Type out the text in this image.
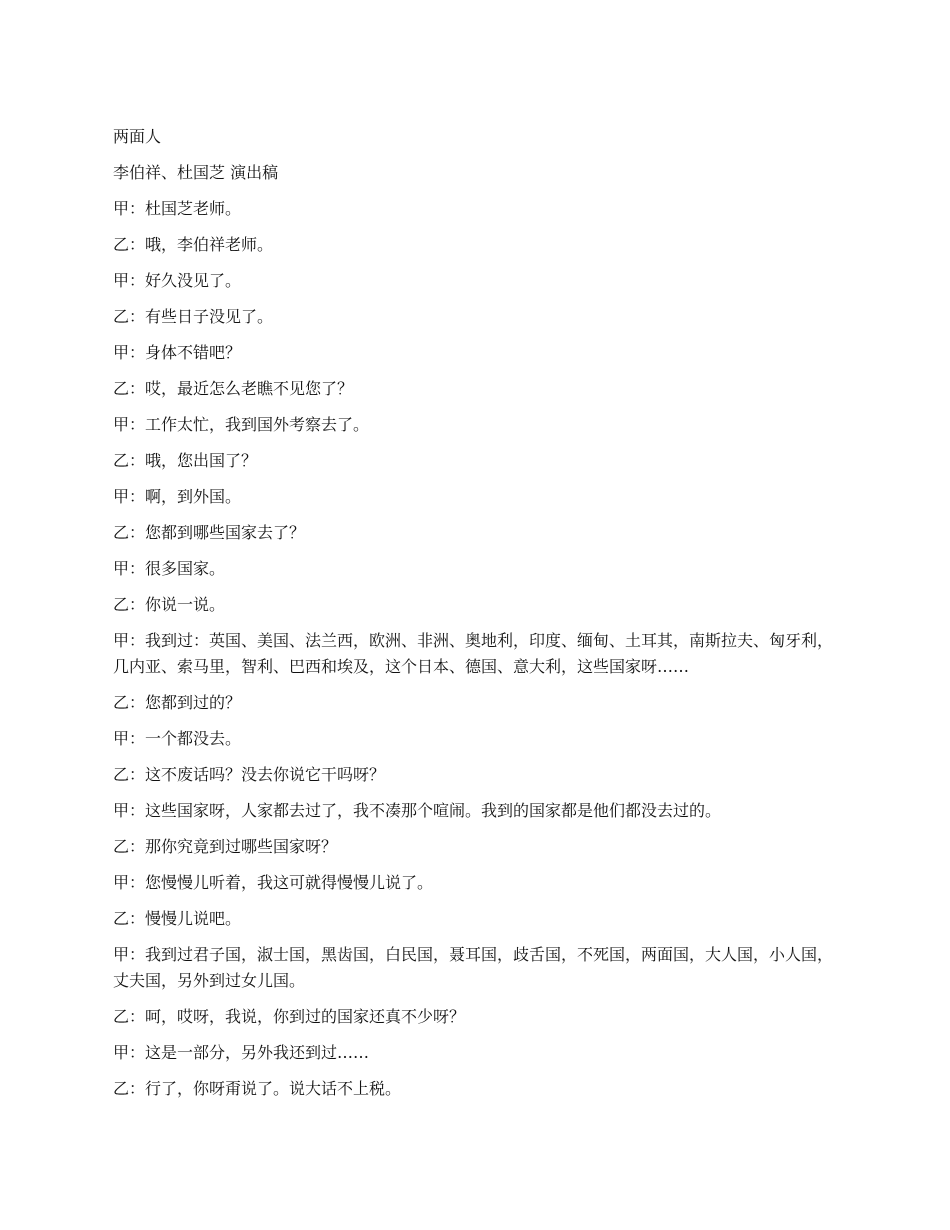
两面人

李伯祥、杜国芝 演出稿

甲：杜国芝老师。

乙：哦，李伯祥老师。

甲：好久没见了。

乙：有些日子没见了。

甲：身体不错吧？

乙：哎，最近怎么老瞧不见您了？

甲：工作太忙，我到国外考察去了。

乙：哦，您出国了？

甲：啊，到外国。

乙：您都到哪些国家去了？

甲：很多国家。

乙：你说一说。

甲：我到过：英国、美国、法兰西，欧洲、非洲、奥地利，印度、缅甸、土耳其，南斯拉夫、匈牙利，几内亚、索马里，智利、巴西和埃及，这个日本、德国、意大利，这些国家呀……

乙：您都到过的？

甲：一个都没去。

乙：这不废话吗？没去你说它干吗呀？

甲：这些国家呀，人家都去过了，我不凑那个喧闹。我到的国家都是他们都没去过的。

乙：那你究竟到过哪些国家呀？

甲：您慢慢儿听着，我这可就得慢慢儿说了。

乙：慢慢儿说吧。

甲：我到过君子国，淑士国，黑齿国，白民国，聂耳国，歧舌国，不死国，两面国，大人国，小人国，丈夫国，另外到过女儿国。

乙：呵，哎呀，我说，你到过的国家还真不少呀？

甲：这是一部分，另外我还到过……

乙：行了，你呀甭说了。说大话不上税。
